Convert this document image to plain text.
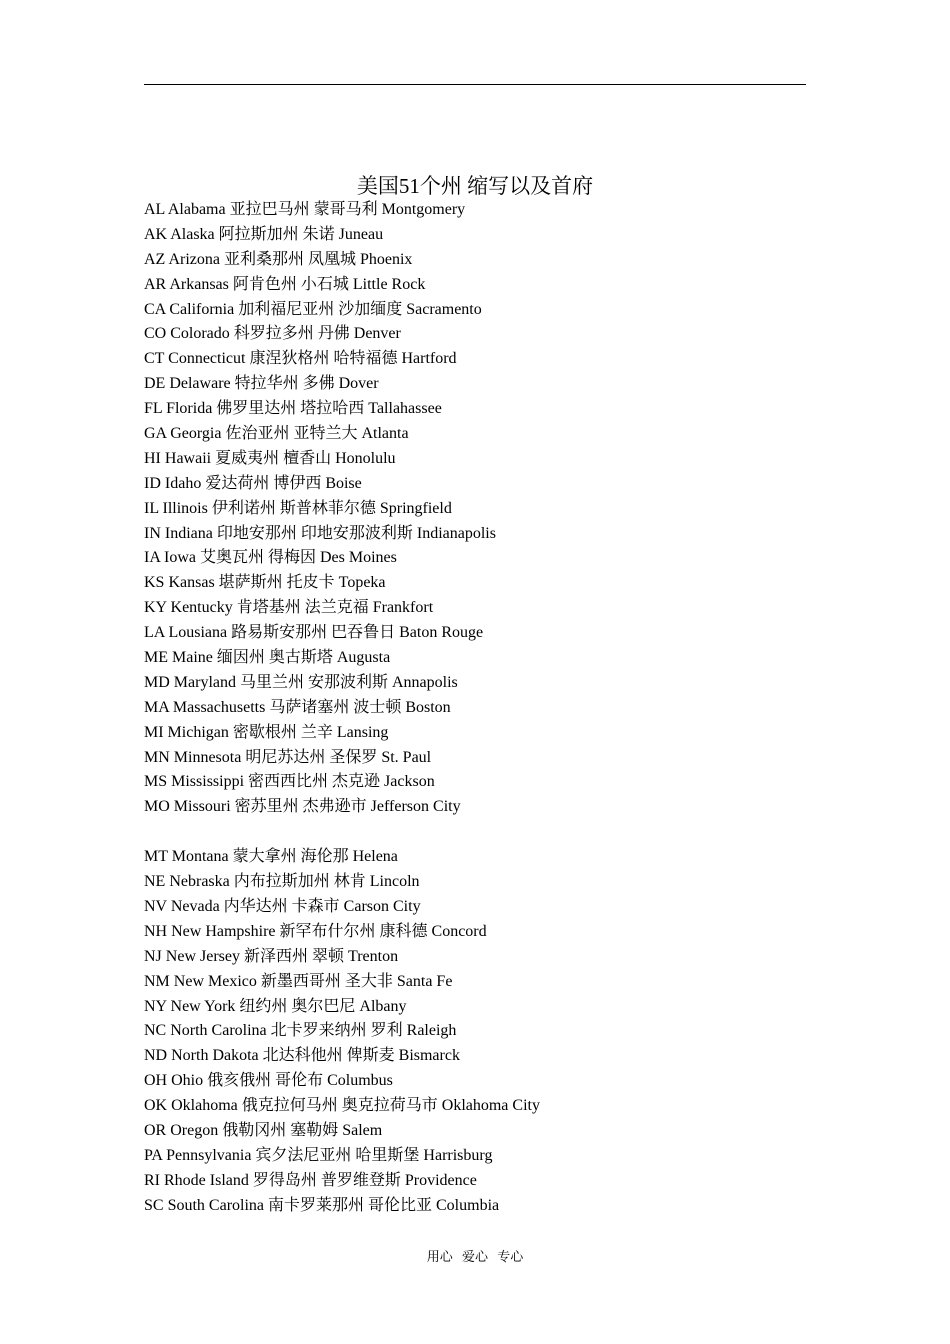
美国51个州 缩写以及首府
AL Alabama 亚拉巴马州 蒙哥马利 Montgomery
AK Alaska 阿拉斯加州 朱诺 Juneau
AZ Arizona 亚利桑那州 凤凰城 Phoenix
AR Arkansas 阿肯色州 小石城 Little Rock
CA California 加利福尼亚州 沙加缅度 Sacramento
CO Colorado 科罗拉多州 丹佛 Denver
CT Connecticut 康涅狄格州 哈特福德 Hartford
DE Delaware 特拉华州 多佛 Dover
FL Florida 佛罗里达州 塔拉哈西 Tallahassee
GA Georgia 佐治亚州 亚特兰大 Atlanta
HI Hawaii 夏威夷州 檀香山 Honolulu
ID Idaho 爱达荷州 博伊西 Boise
IL Illinois 伊利诺州 斯普林菲尔德 Springfield
IN Indiana 印地安那州 印地安那波利斯 Indianapolis
IA Iowa 艾奥瓦州 得梅因 Des Moines
KS Kansas 堪萨斯州 托皮卡 Topeka
KY Kentucky 肯塔基州 法兰克福 Frankfort
LA Lousiana 路易斯安那州 巴吞鲁日 Baton Rouge
ME Maine 缅因州 奥古斯塔 Augusta
MD Maryland 马里兰州 安那波利斯 Annapolis
MA Massachusetts 马萨诸塞州 波士顿 Boston
MI Michigan 密歇根州 兰辛 Lansing
MN Minnesota 明尼苏达州 圣保罗 St. Paul
MS Mississippi 密西西比州 杰克逊 Jackson
MO Missouri 密苏里州 杰弗逊市 Jefferson City
MT Montana 蒙大拿州 海伦那 Helena
NE Nebraska 内布拉斯加州 林肯 Lincoln
NV Nevada 内华达州 卡森市 Carson City
NH New Hampshire 新罕布什尔州 康科德 Concord
NJ New Jersey 新泽西州 翠顿 Trenton
NM New Mexico 新墨西哥州 圣大非 Santa Fe
NY New York 纽约州 奥尔巴尼 Albany
NC North Carolina 北卡罗来纳州 罗利 Raleigh
ND North Dakota 北达科他州 俾斯麦 Bismarck
OH Ohio 俄亥俄州 哥伦布 Columbus
OK Oklahoma 俄克拉何马州 奥克拉荷马市 Oklahoma City
OR Oregon 俄勒冈州 塞勒姆 Salem
PA Pennsylvania 宾夕法尼亚州 哈里斯堡 Harrisburg
RI Rhode Island 罗得岛州 普罗维登斯 Providence
SC South Carolina 南卡罗莱那州 哥伦比亚 Columbia
用心 爱心 专心
